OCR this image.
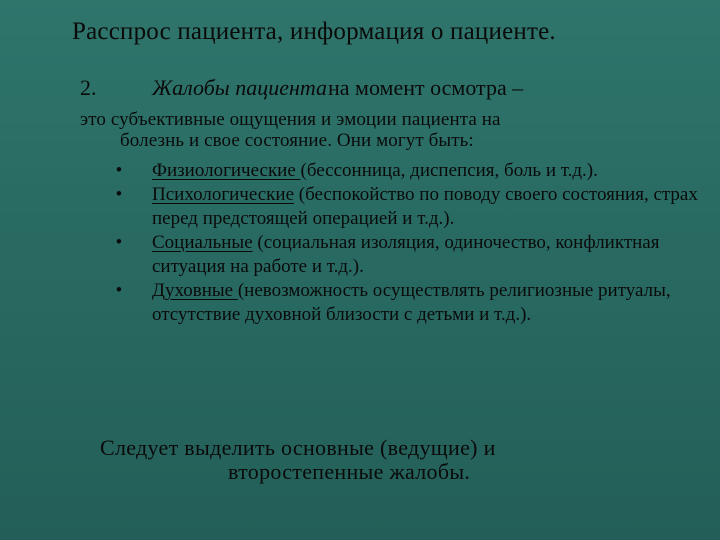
Расспрос пациента, информация о пациенте.
2.	Жалобы пациента на момент осмотра –
это субъективные ощущения и эмоции пациента на
болезнь и свое состояние. Они могут быть:
• Физиологические (бессонница, диспепсия, боль и т.д.).
• Психологические (беспокойство по поводу своего состояния, страх перед предстоящей операцией и т.д.).
• Социальные (социальная изоляция, одиночество, конфликтная ситуация на работе и т.д.).
• Духовные (невозможность осуществлять религиозные ритуалы, отсутствие духовной близости с детьми и т.д.).
Следует выделить основные (ведущие) и
второстепенные жалобы.
